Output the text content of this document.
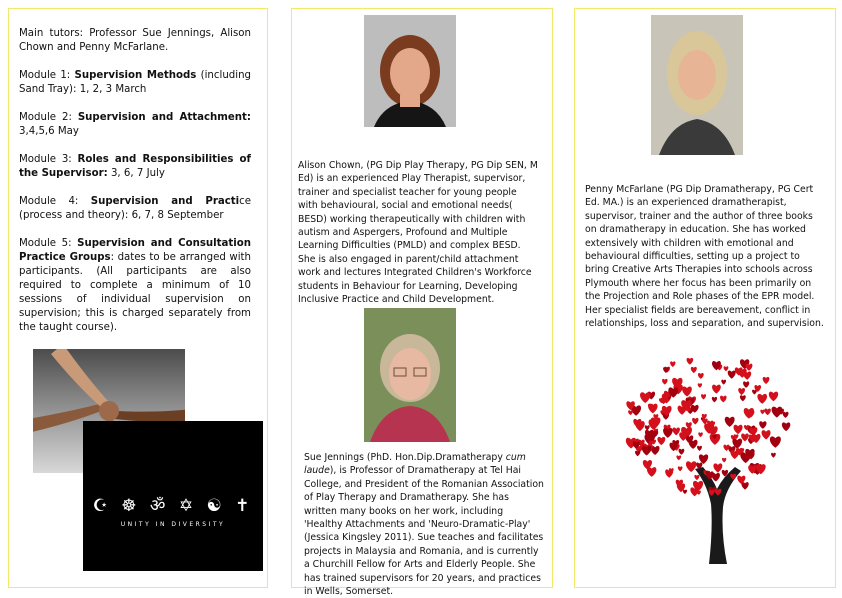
Main tutors: Professor Sue Jennings, Alison Chown and Penny McFarlane.

Module 1: Supervision Methods (including Sand Tray): 1, 2, 3 March

Module 2: Supervision and Attachment: 3,4,5,6 May

Module 3: Roles and Responsibilities of the Supervisor: 3, 6, 7 July

Module 4: Supervision and Practice (process and theory): 6, 7, 8 September

Module 5: Supervision and Consultation Practice Groups: dates to be arranged with participants. (All participants are also required to complete a minimum of 10 sessions of individual supervision on supervision; this is charged separately from the taught course).

☪ ☸ ॐ ✡ ☯ ✝
UNITY IN DIVERSITY
Alison Chown, (PG Dip Play Therapy, PG Dip SEN, M Ed) is an experienced Play Therapist, supervisor, trainer and specialist teacher for young people with behavioural, social and emotional needs( BESD) working therapeutically with children with autism and Aspergers, Profound and Multiple Learning Difficulties (PMLD) and complex BESD. She is also engaged in parent/child attachment work and lectures Integrated Children's Workforce students in Behaviour for Learning, Developing Inclusive Practice and Child Development.

Sue Jennings (PhD. Hon.Dip.Dramatherapy cum laude), is Professor of Dramatherapy at Tel Hai College, and President of the Romanian Association of Play Therapy and Dramatherapy. She has written many books on her work, including 'Healthy Attachments and 'Neuro-Dramatic-Play' (Jessica Kingsley 2011). Sue teaches and facilitates projects in Malaysia and Romania, and is currently a Churchill Fellow for Arts and Elderly People. She has trained supervisors for 20 years, and practices in Wells, Somerset.

Penny McFarlane (PG Dip Dramatherapy, PG Cert Ed. MA.) is an experienced dramatherapist, supervisor, trainer and the author of three books on dramatherapy in education. She has worked extensively with children with emotional and behavioural difficulties, setting up a project to bring Creative Arts Therapies into schools across Plymouth where her focus has been primarily on the Projection and Role phases of the EPR model. Her specialist fields are bereavement, conflict in relationships, loss and separation, and supervision.
